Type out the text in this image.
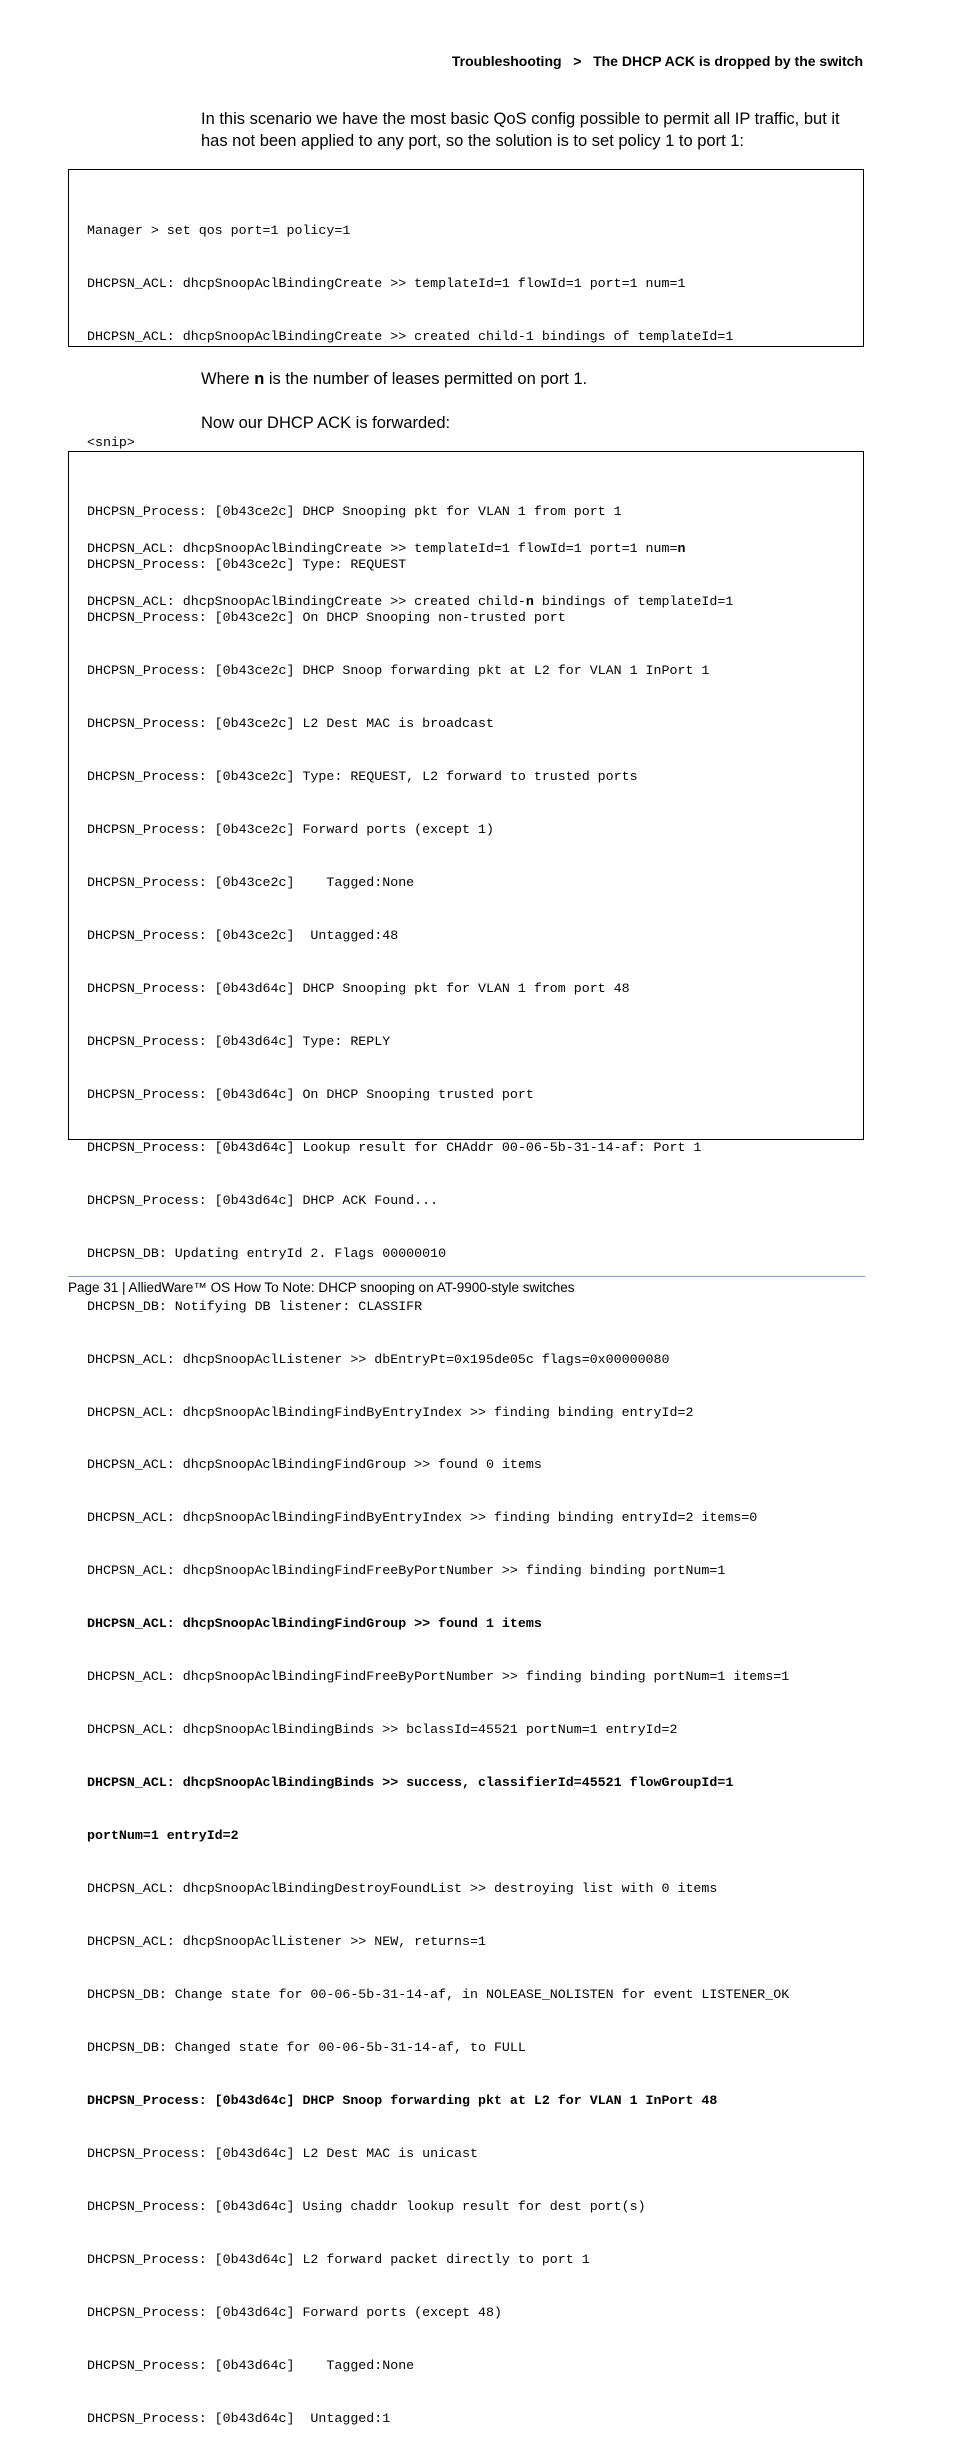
Troubleshooting > The DHCP ACK is dropped by the switch
In this scenario we have the most basic QoS config possible to permit all IP traffic, but it has not been applied to any port, so the solution is to set policy 1 to port 1:

Manager > set qos port=1 policy=1

DHCPSN_ACL: dhcpSnoopAclBindingCreate >> templateId=1 flowId=1 port=1 num=1

DHCPSN_ACL: dhcpSnoopAclBindingCreate >> created child-1 bindings of templateId=1

<snip>

DHCPSN_ACL: dhcpSnoopAclBindingCreate >> templateId=1 flowId=1 port=1 num=n

DHCPSN_ACL: dhcpSnoopAclBindingCreate >> created child-n bindings of templateId=1

Where n is the number of leases permitted on port 1.
Now our DHCP ACK is forwarded:

DHCPSN_Process: [0b43ce2c] DHCP Snooping pkt for VLAN 1 from port 1

DHCPSN_Process: [0b43ce2c] Type: REQUEST

DHCPSN_Process: [0b43ce2c] On DHCP Snooping non-trusted port

DHCPSN_Process: [0b43ce2c] DHCP Snoop forwarding pkt at L2 for VLAN 1 InPort 1

DHCPSN_Process: [0b43ce2c] L2 Dest MAC is broadcast

DHCPSN_Process: [0b43ce2c] Type: REQUEST, L2 forward to trusted ports

DHCPSN_Process: [0b43ce2c] Forward ports (except 1)

DHCPSN_Process: [0b43ce2c]    Tagged:None

DHCPSN_Process: [0b43ce2c]  Untagged:48

DHCPSN_Process: [0b43d64c] DHCP Snooping pkt for VLAN 1 from port 48

DHCPSN_Process: [0b43d64c] Type: REPLY

DHCPSN_Process: [0b43d64c] On DHCP Snooping trusted port

DHCPSN_Process: [0b43d64c] Lookup result for CHAddr 00-06-5b-31-14-af: Port 1

DHCPSN_Process: [0b43d64c] DHCP ACK Found...

DHCPSN_DB: Updating entryId 2. Flags 00000010

DHCPSN_DB: Notifying DB listener: CLASSIFR

DHCPSN_ACL: dhcpSnoopAclListener >> dbEntryPt=0x195de05c flags=0x00000080

DHCPSN_ACL: dhcpSnoopAclBindingFindByEntryIndex >> finding binding entryId=2

DHCPSN_ACL: dhcpSnoopAclBindingFindGroup >> found 0 items

DHCPSN_ACL: dhcpSnoopAclBindingFindByEntryIndex >> finding binding entryId=2 items=0

DHCPSN_ACL: dhcpSnoopAclBindingFindFreeByPortNumber >> finding binding portNum=1

DHCPSN_ACL: dhcpSnoopAclBindingFindGroup >> found 1 items

DHCPSN_ACL: dhcpSnoopAclBindingFindFreeByPortNumber >> finding binding portNum=1 items=1

DHCPSN_ACL: dhcpSnoopAclBindingBinds >> bclassId=45521 portNum=1 entryId=2

DHCPSN_ACL: dhcpSnoopAclBindingBinds >> success, classifierId=45521 flowGroupId=1

portNum=1 entryId=2

DHCPSN_ACL: dhcpSnoopAclBindingDestroyFoundList >> destroying list with 0 items

DHCPSN_ACL: dhcpSnoopAclListener >> NEW, returns=1

DHCPSN_DB: Change state for 00-06-5b-31-14-af, in NOLEASE_NOLISTEN for event LISTENER_OK

DHCPSN_DB: Changed state for 00-06-5b-31-14-af, to FULL

DHCPSN_Process: [0b43d64c] DHCP Snoop forwarding pkt at L2 for VLAN 1 InPort 48

DHCPSN_Process: [0b43d64c] L2 Dest MAC is unicast

DHCPSN_Process: [0b43d64c] Using chaddr lookup result for dest port(s)

DHCPSN_Process: [0b43d64c] L2 forward packet directly to port 1

DHCPSN_Process: [0b43d64c] Forward ports (except 48)

DHCPSN_Process: [0b43d64c]    Tagged:None

DHCPSN_Process: [0b43d64c]  Untagged:1

Page 31 | AlliedWare™ OS How To Note: DHCP snooping on AT-9900-style switches
